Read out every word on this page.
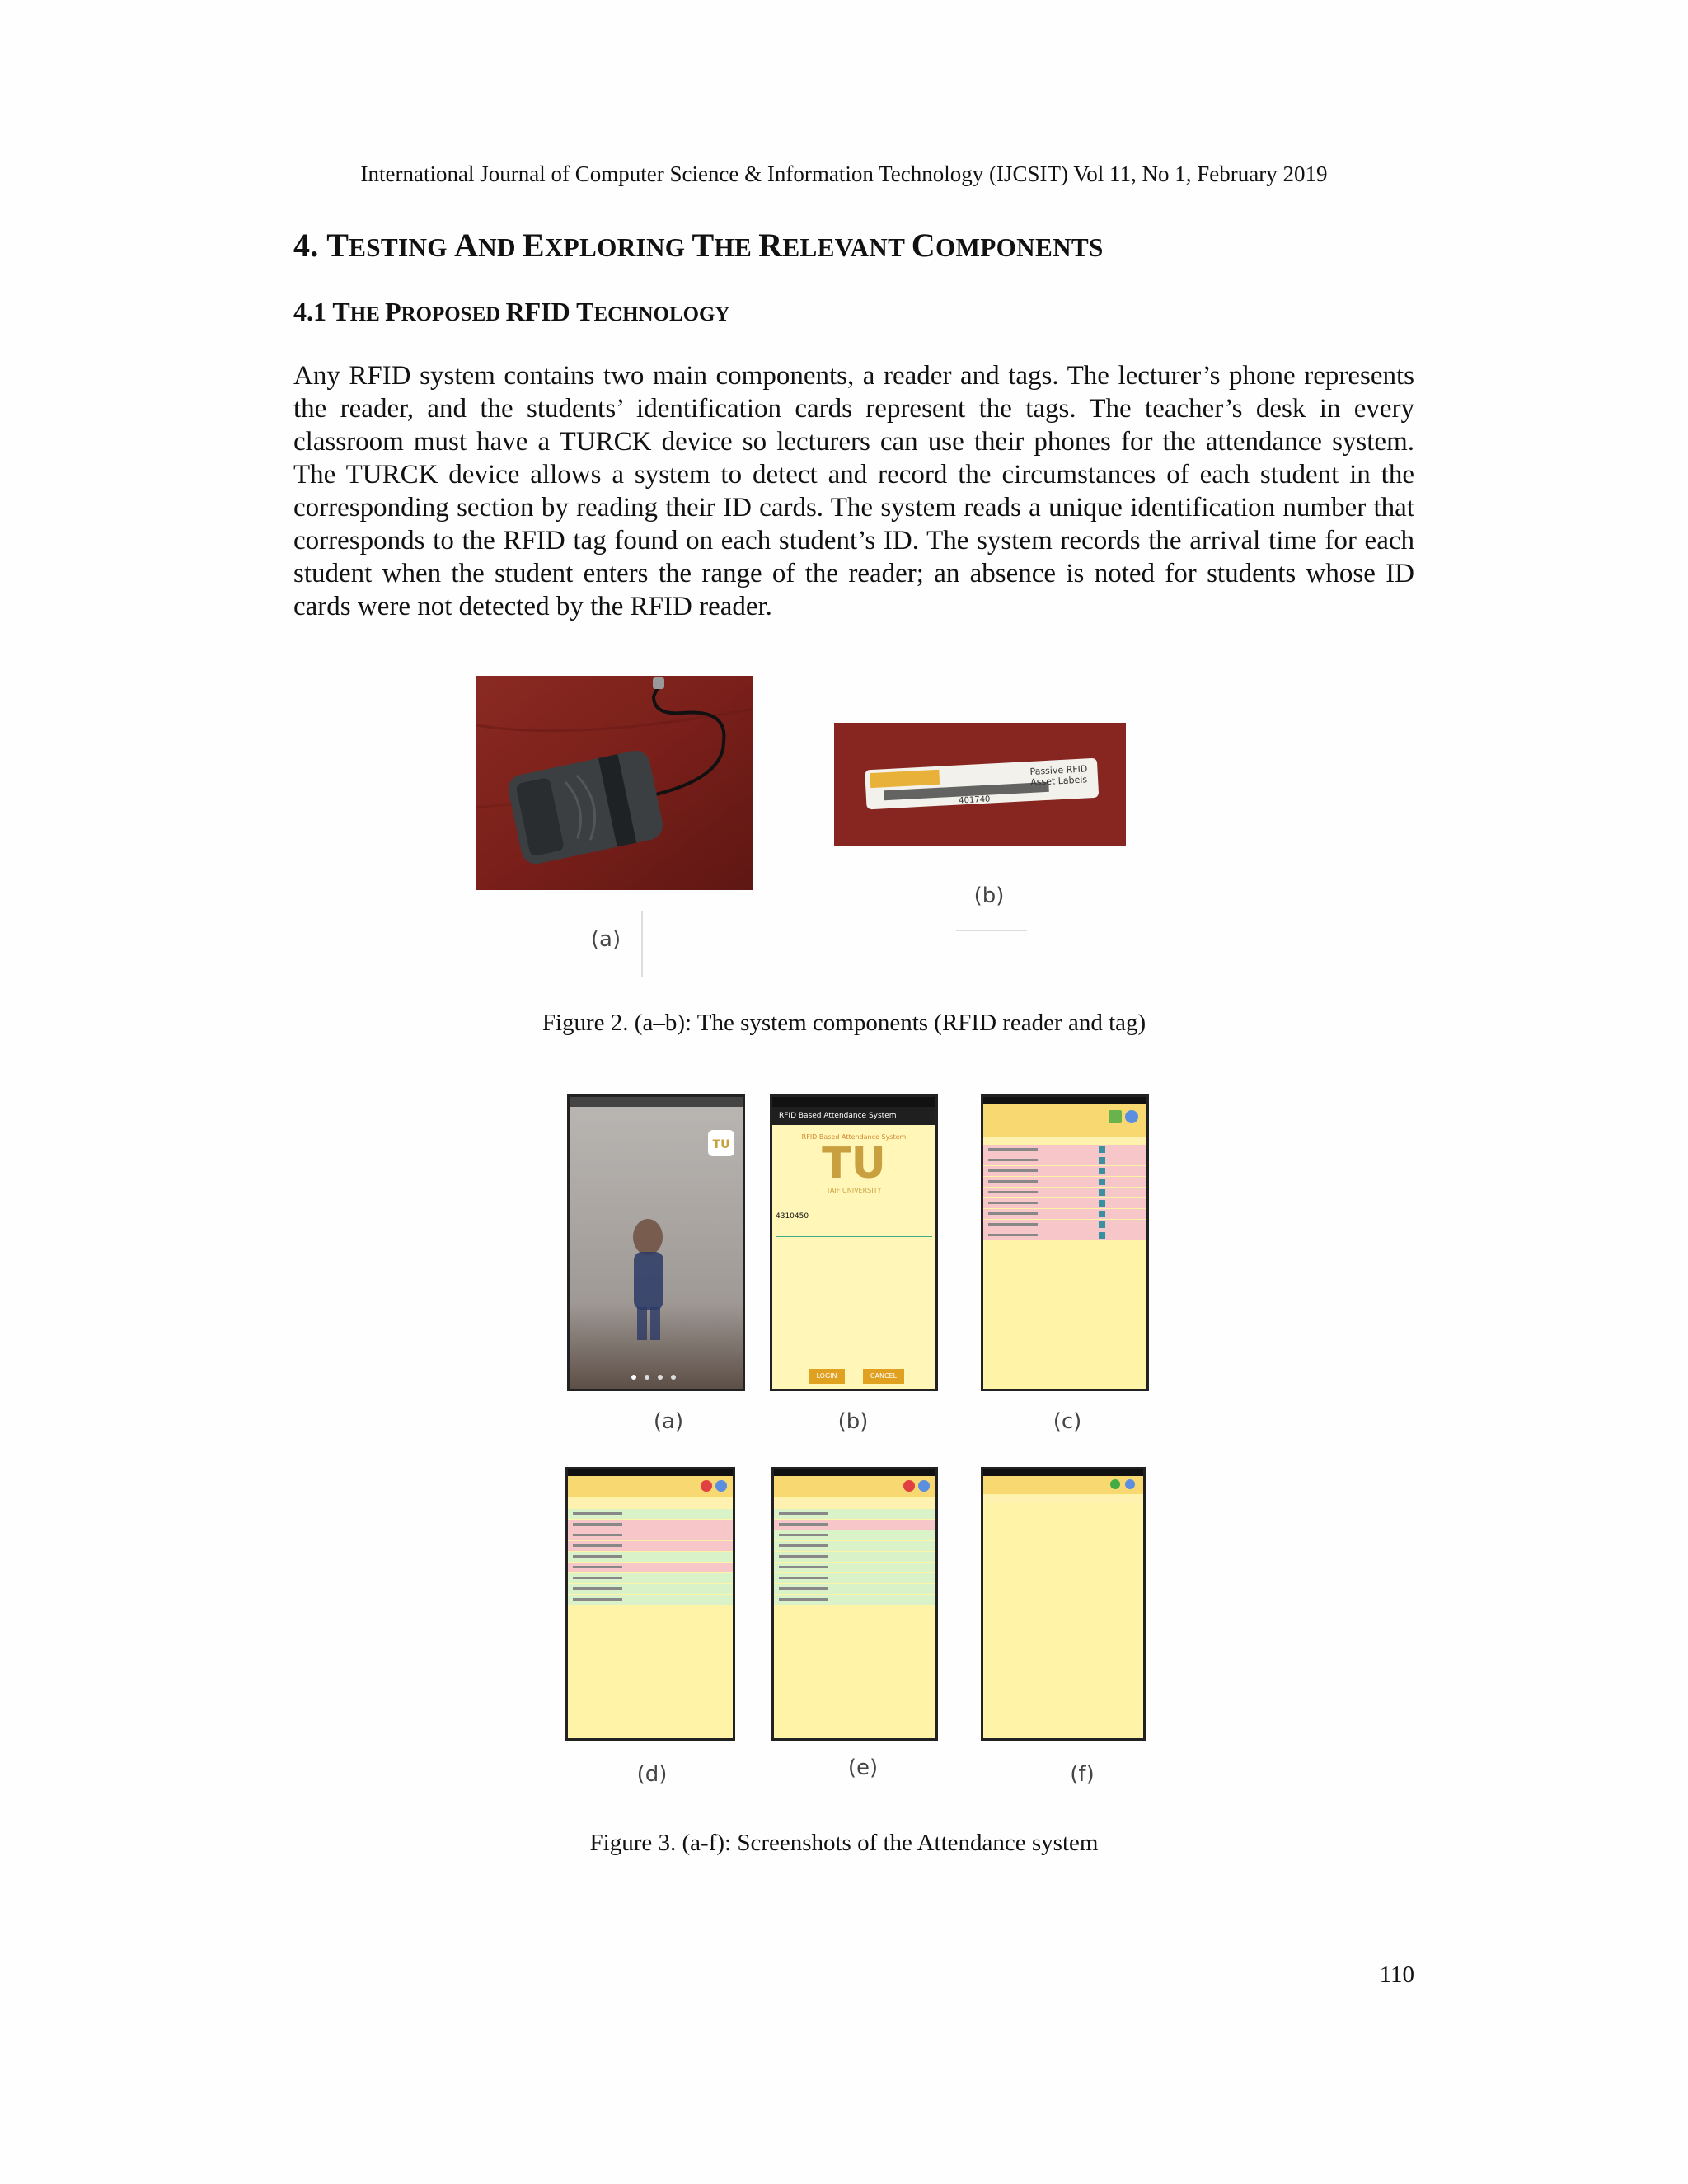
International Journal of Computer Science & Information Technology (IJCSIT) Vol 11, No 1, February 2019
4. TESTING AND EXPLORING THE RELEVANT COMPONENTS
4.1 THE PROPOSED RFID TECHNOLOGY
Any RFID system contains two main components, a reader and tags. The lecturer’s phone represents the reader, and the students’ identification cards represent the tags. The teacher’s desk in every classroom must have a TURCK device so lecturers can use their phones for the attendance system. The TURCK device allows a system to detect and record the circumstances of each student in the corresponding section by reading their ID cards. The system reads a unique identification number that corresponds to the RFID tag found on each student’s ID. The system records the arrival time for each student when the student enters the range of the reader; an absence is noted for students whose ID cards were not detected by the RFID reader.
(a)
Passive RFID
Asset Labels
401740
(b)
Figure 2. (a–b): The system components (RFID reader and tag)
TU
RFID Based Attendance System
RFID Based Attendance System
TU
TAIF UNIVERSITY
4310450
LOGIN	CANCEL
(a)	(b)	(c)
(d)	(e)	(f)
Figure 3. (a-f): Screenshots of the Attendance system
110
